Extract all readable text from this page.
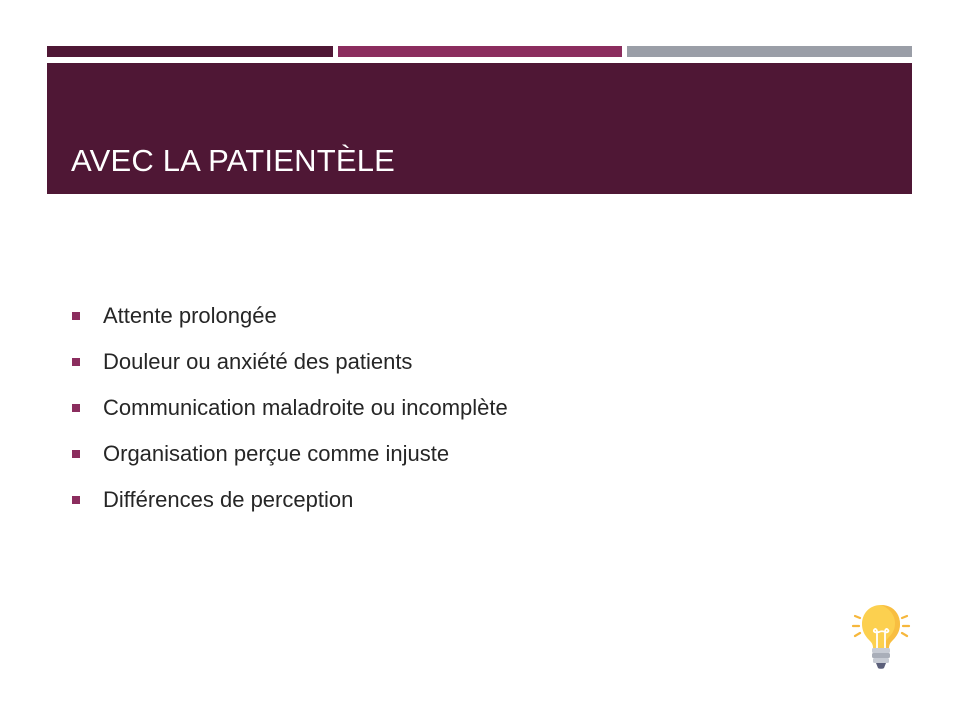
AVEC LA PATIENTÈLE
Attente prolongée
Douleur ou anxiété des patients
Communication maladroite ou incomplète
Organisation perçue comme injuste
Différences de perception
